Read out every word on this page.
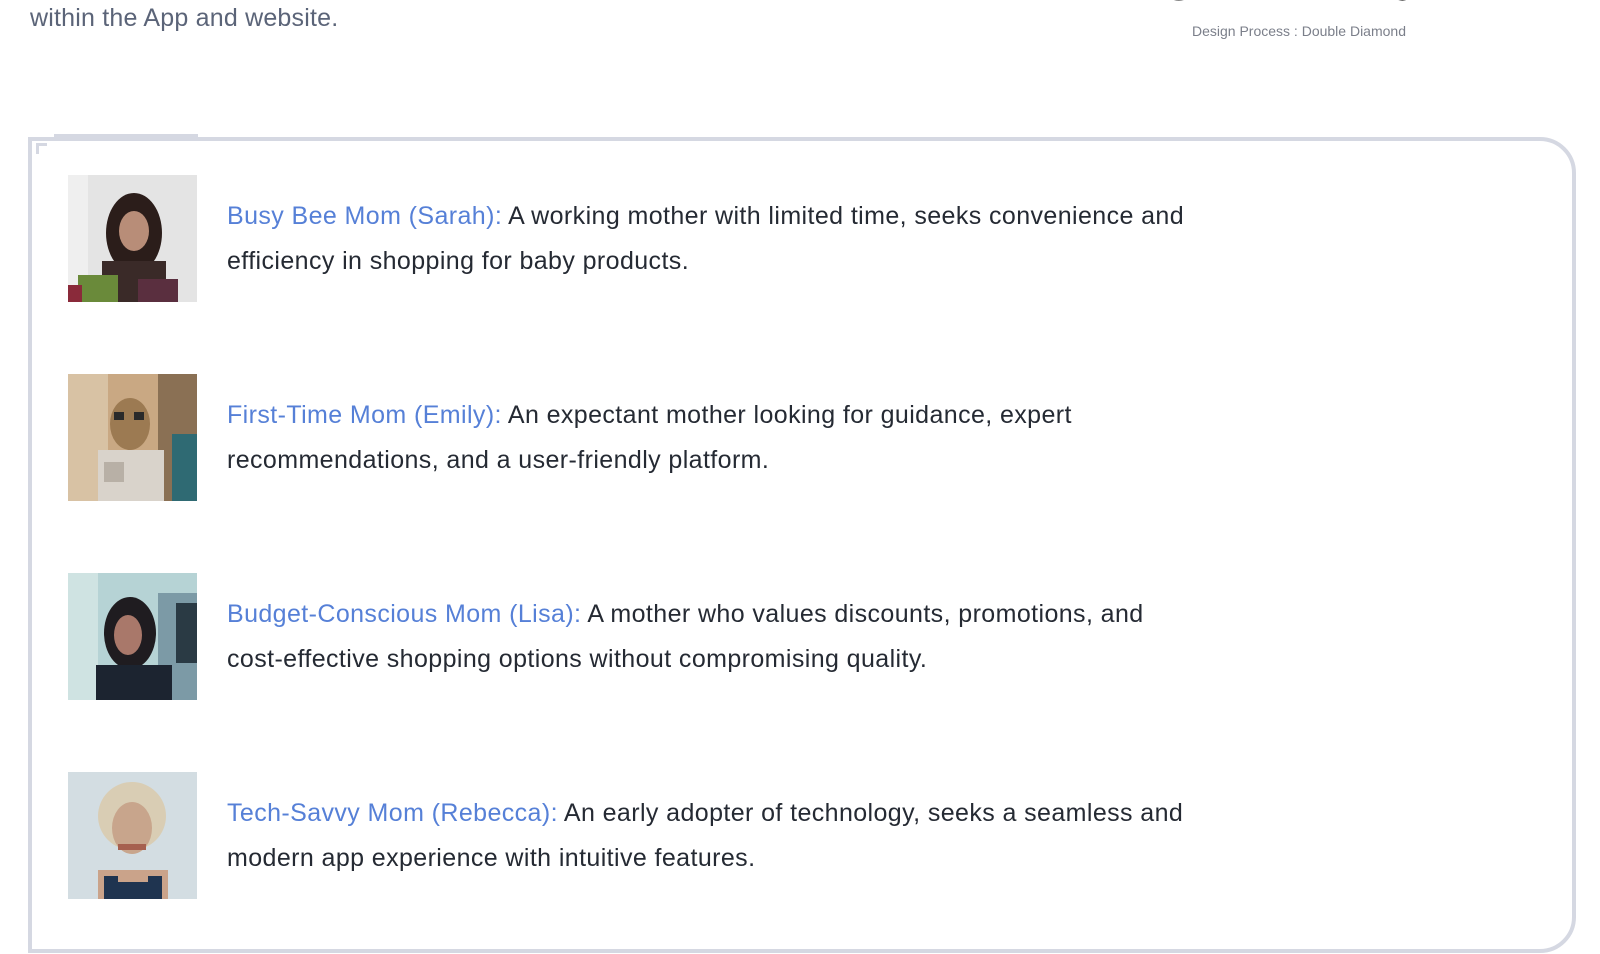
within the App and website.	Design Process : Double Diamond
Busy Bee Mom (Sarah): A working mother with limited time, seeks convenience and efficiency in shopping for baby products.
First-Time Mom (Emily): An expectant mother looking for guidance, expert recommendations, and a user-friendly platform.
Budget-Conscious Mom (Lisa): A mother who values discounts, promotions, and cost-effective shopping options without compromising quality.
Tech-Savvy Mom (Rebecca): An early adopter of technology, seeks a seamless and modern app experience with intuitive features.
